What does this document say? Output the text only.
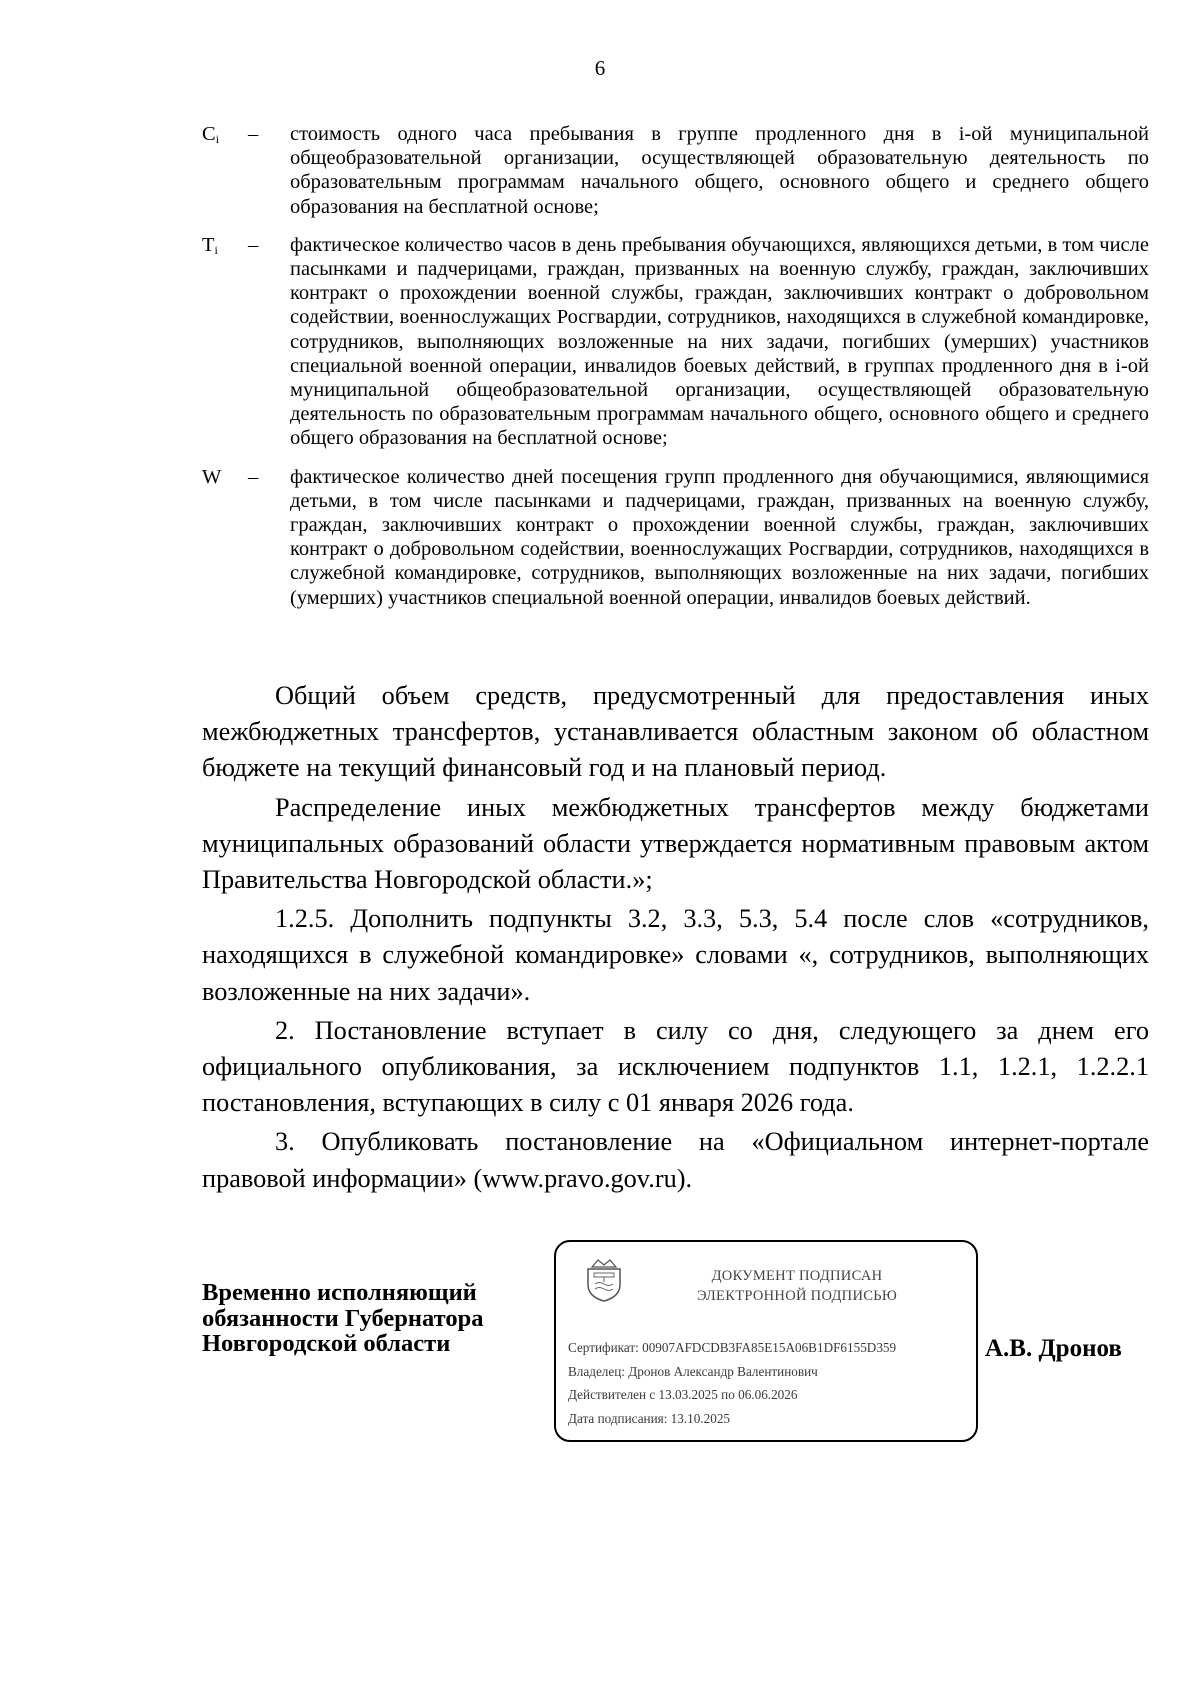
6
$C_i$	–	стоимость одного часа пребывания в группе продленного дня в i-ой муниципальной общеобразовательной организации, осуществляющей образовательную деятельность по образовательным программам начального общего, основного общего и среднего общего образования на бесплатной основе;
$T_i$	–	фактическое количество часов в день пребывания обучающихся, являющихся детьми, в том числе пасынками и падчерицами, граждан, призванных на военную службу, граждан, заключивших контракт о прохождении военной службы, граждан, заключивших контракт о добровольном содействии, военнослужащих Росгвардии, сотрудников, находящихся в служебной командировке, сотрудников, выполняющих возложенные на них задачи, погибших (умерших) участников специальной военной операции, инвалидов боевых действий, в группах продленного дня в i-ой муниципальной общеобразовательной организации, осуществляющей образовательную деятельность по образовательным программам начального общего, основного общего и среднего общего образования на бесплатной основе;
W	–	фактическое количество дней посещения групп продленного дня обучающимися, являющимися детьми, в том числе пасынками и падчерицами, граждан, призванных на военную службу, граждан, заключивших контракт о прохождении военной службы, граждан, заключивших контракт о добровольном содействии, военнослужащих Росгвардии, сотрудников, находящихся в служебной командировке, сотрудников, выполняющих возложенные на них задачи, погибших (умерших) участников специальной военной операции, инвалидов боевых действий.

Общий объем средств, предусмотренный для предоставления иных межбюджетных трансфертов, устанавливается областным законом об областном бюджете на текущий финансовый год и на плановый период.

Распределение иных межбюджетных трансфертов между бюджетами муниципальных образований области утверждается нормативным правовым актом Правительства Новгородской области.»;

1.2.5. Дополнить подпункты 3.2, 3.3, 5.3, 5.4 после слов «сотрудников, находящихся в служебной командировке» словами «, сотрудников, выполняющих возложенные на них задачи».

2. Постановление вступает в силу со дня, следующего за днем его официального опубликования, за исключением подпунктов 1.1, 1.2.1, 1.2.2.1 постановления, вступающих в силу с 01 января 2026 года.

3. Опубликовать постановление на «Официальном интернет-портале правовой информации» (www.pravo.gov.ru).

Временно исполняющий
обязанности Губернатора
Новгородской области
ДОКУМЕНТ ПОДПИСАН
ЭЛЕКТРОННОЙ ПОДПИСЬЮ
Сертификат: 00907AFDCDB3FA85E15A06B1DF6155D359
Владелец: Дронов Александр Валентинович
Действителен с 13.03.2025 по 06.06.2026
Дата подписания: 13.10.2025
А.В. Дронов
